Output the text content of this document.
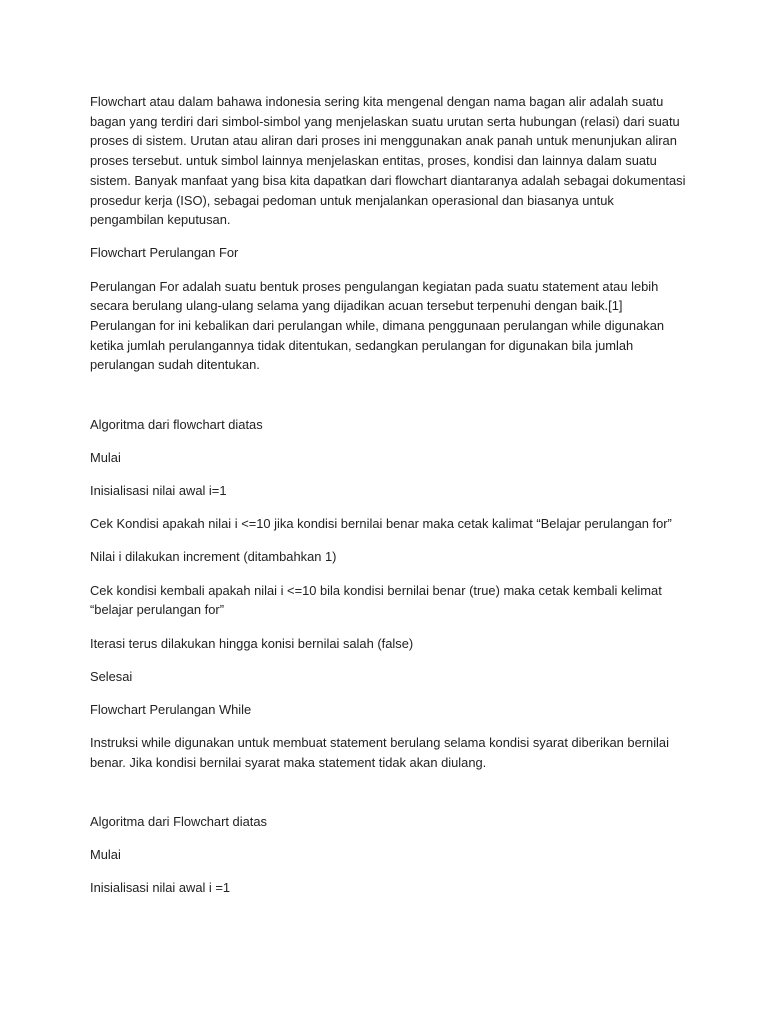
Flowchart atau dalam bahawa indonesia sering kita mengenal dengan nama bagan alir adalah suatu bagan yang terdiri dari simbol-simbol yang menjelaskan suatu urutan serta hubungan (relasi) dari suatu proses di sistem. Urutan atau aliran dari proses ini menggunakan anak panah untuk menunjukan aliran proses tersebut. untuk simbol lainnya menjelaskan entitas, proses, kondisi dan lainnya dalam suatu sistem. Banyak manfaat yang bisa kita dapatkan dari flowchart diantaranya adalah sebagai dokumentasi prosedur kerja (ISO), sebagai pedoman untuk menjalankan operasional dan biasanya untuk pengambilan keputusan.

Flowchart Perulangan For

Perulangan For adalah suatu bentuk proses pengulangan kegiatan pada suatu statement atau lebih secara berulang ulang-ulang selama yang dijadikan acuan tersebut terpenuhi dengan baik.[1] Perulangan for ini kebalikan dari perulangan while, dimana penggunaan perulangan while digunakan ketika jumlah perulangannya tidak ditentukan, sedangkan perulangan for digunakan bila jumlah perulangan sudah ditentukan.

Algoritma dari flowchart diatas

Mulai

Inisialisasi nilai awal i=1

Cek Kondisi apakah nilai i <=10 jika kondisi bernilai benar maka cetak kalimat “Belajar perulangan for”

Nilai i dilakukan increment (ditambahkan 1)

Cek kondisi kembali apakah nilai i <=10 bila kondisi bernilai benar (true) maka cetak kembali kelimat “belajar perulangan for”

Iterasi terus dilakukan hingga konisi bernilai salah (false)

Selesai

Flowchart Perulangan While

Instruksi while digunakan untuk membuat statement berulang selama kondisi syarat diberikan bernilai benar. Jika kondisi bernilai syarat maka statement tidak akan diulang.

Algoritma dari Flowchart diatas

Mulai

Inisialisasi nilai awal i =1
